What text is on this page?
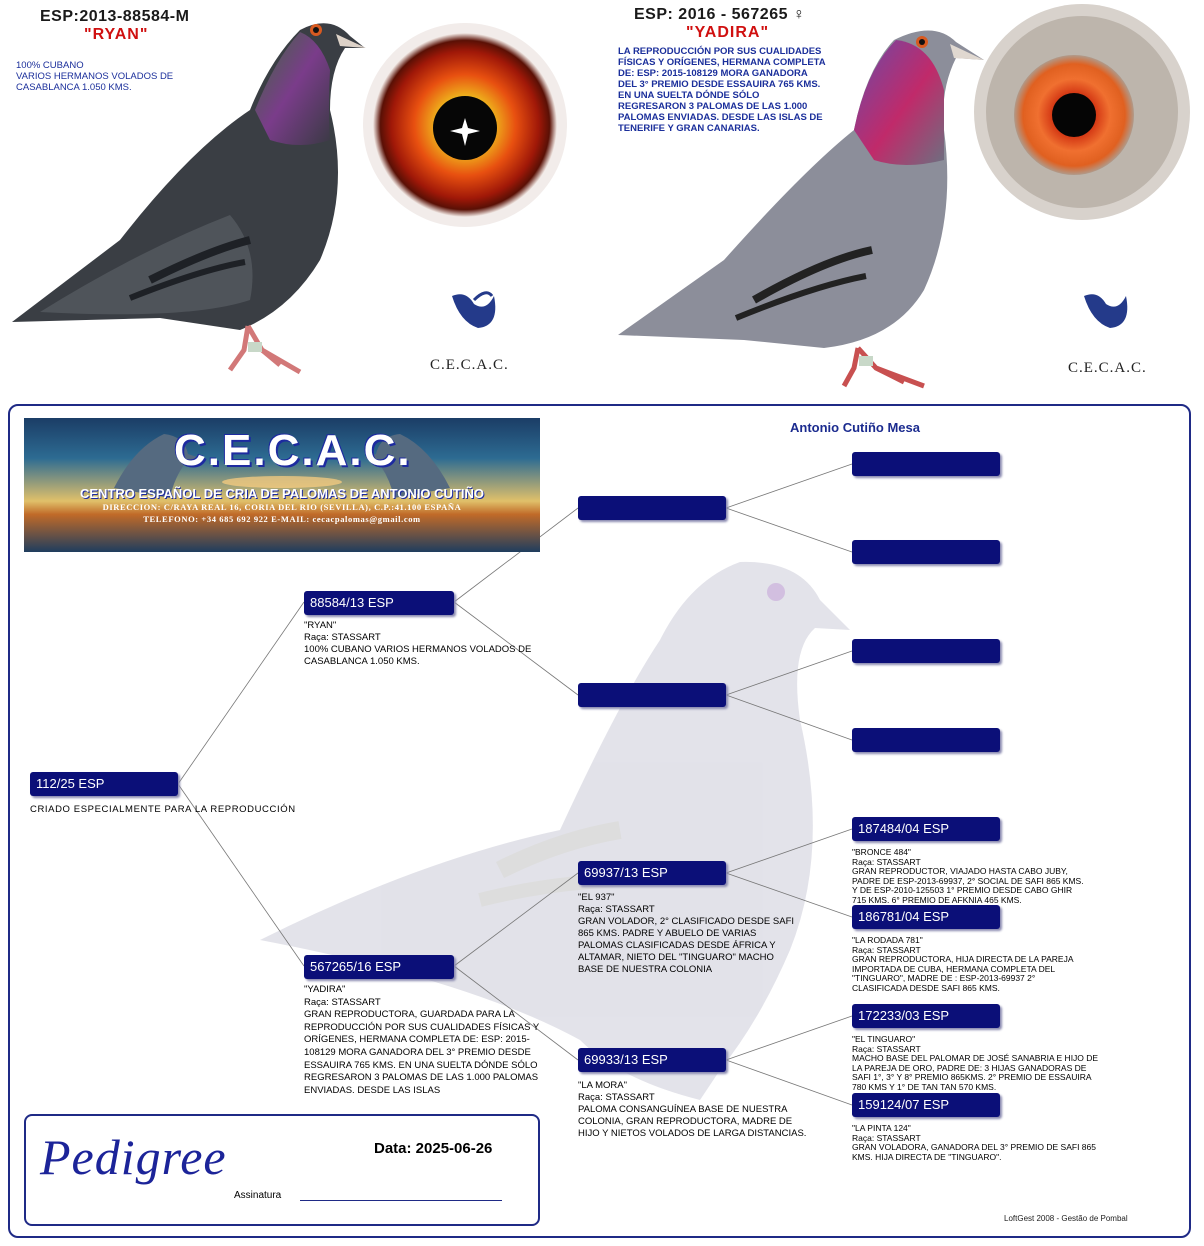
ESP:2013-88584-M
"RYAN"
100% CUBANO
VARIOS HERMANOS VOLADOS DE
CASABLANCA 1.050 KMS.
C.E.C.A.C.
ESP: 2016 - 567265 ♀
"YADIRA"
LA REPRODUCCIÓN POR SUS CUALIDADES
FÍSICAS Y ORÍGENES, HERMANA COMPLETA
DE: ESP: 2015-108129 MORA GANADORA
DEL 3° PREMIO DESDE ESSAUIRA 765 KMS.
EN UNA SUELTA DÓNDE SÓLO
REGRESARON 3 PALOMAS DE LAS 1.000
PALOMAS ENVIADAS. DESDE LAS ISLAS DE
TENERIFE Y GRAN CANARIAS.
C.E.C.A.C.
Antonio Cutiño Mesa
C.E.C.A.C.
CENTRO ESPAÑOL DE CRIA DE PALOMAS DE ANTONIO CUTIÑO
DIRECCION: C/RAYA REAL 16, CORIA DEL RIO (SEVILLA), C.P.:41.100 ESPAÑA
TELEFONO: +34 685 692 922 E-MAIL: cecacpalomas@gmail.com
112/25 ESP
CRIADO ESPECIALMENTE PARA LA REPRODUCCIÓN
88584/13 ESP
"RYAN"
Raça: STASSART
100% CUBANO VARIOS HERMANOS VOLADOS DE CASABLANCA 1.050 KMS.
567265/16 ESP
"YADIRA"
Raça: STASSART
GRAN REPRODUCTORA, GUARDADA PARA LA REPRODUCCIÓN POR SUS CUALIDADES FÍSICAS Y ORÍGENES, HERMANA COMPLETA DE: ESP: 2015-108129 MORA GANADORA DEL 3° PREMIO DESDE ESSAUIRA 765 KMS. EN UNA SUELTA DÓNDE SÓLO REGRESARON 3 PALOMAS DE LAS 1.000 PALOMAS ENVIADAS. DESDE LAS ISLAS
69937/13 ESP
"EL 937"
Raça: STASSART
GRAN VOLADOR, 2° CLASIFICADO DESDE SAFI 865 KMS. PADRE Y ABUELO DE VARIAS PALOMAS CLASIFICADAS DESDE ÁFRICA Y ALTAMAR, NIETO DEL "TINGUARO" MACHO BASE DE NUESTRA COLONIA
69933/13 ESP
"LA MORA"
Raça: STASSART
PALOMA CONSANGUÍNEA BASE DE NUESTRA COLONIA, GRAN REPRODUCTORA, MADRE DE HIJO Y NIETOS VOLADOS DE LARGA DISTANCIAS.
187484/04 ESP
"BRONCE 484"
Raça: STASSART
GRAN REPRODUCTOR, VIAJADO HASTA CABO JUBY, PADRE DE ESP-2013-69937, 2° SOCIAL DE SAFI 865 KMS. Y DE ESP-2010-125503 1° PREMIO DESDE CABO GHIR 715 KMS. 6° PREMIO DE AFKNIA 465 KMS.
186781/04 ESP
"LA RODADA 781"
Raça: STASSART
GRAN REPRODUCTORA, HIJA DIRECTA DE LA PAREJA IMPORTADA DE CUBA, HERMANA COMPLETA DEL "TINGUARO", MADRE DE : ESP-2013-69937 2° CLASIFICADA DESDE SAFI 865 KMS.
172233/03 ESP
"EL TINGUARO"
Raça: STASSART
MACHO BASE DEL PALOMAR DE JOSÉ SANABRIA E HIJO DE LA PAREJA DE ORO, PADRE DE: 3 HIJAS GANADORAS DE SAFI 1°, 3° Y 8° PREMIO 865KMS. 2° PREMIO DE ESSAUIRA 780 KMS Y 1° DE TAN TAN 570 KMS.
159124/07 ESP
"LA PINTA 124"
Raça: STASSART
GRAN VOLADORA, GANADORA DEL 3° PREMIO DE SAFI 865 KMS. HIJA DIRECTA DE "TINGUARO".
Pedigree	Data: 2025-06-26
Assinatura
LoftGest 2008 - Gestão de Pombal
